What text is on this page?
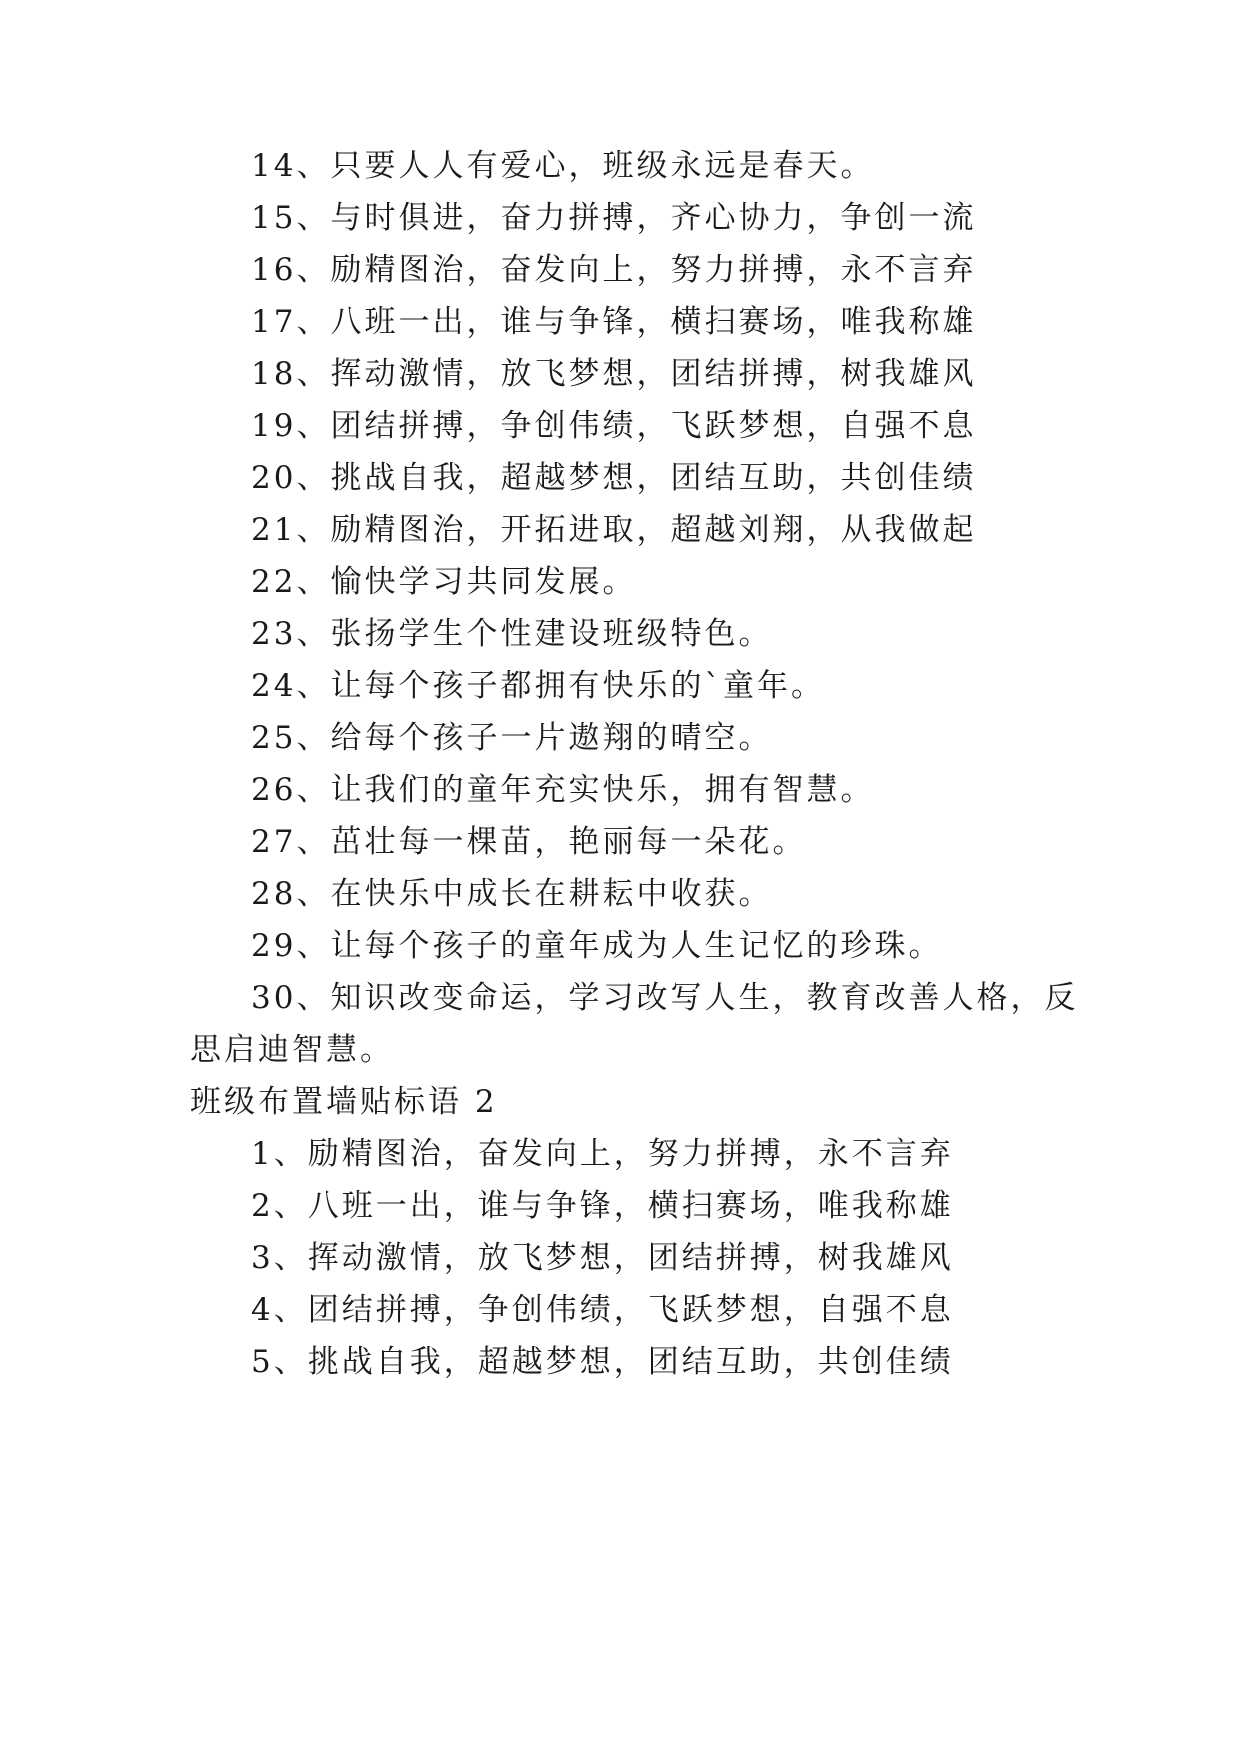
14、只要人人有爱心，班级永远是春天。
15、与时俱进，奋力拼搏，齐心协力，争创一流
16、励精图治，奋发向上，努力拼搏，永不言弃
17、八班一出，谁与争锋，横扫赛场，唯我称雄
18、挥动激情，放飞梦想，团结拼搏，树我雄风
19、团结拼搏，争创伟绩，飞跃梦想，自强不息
20、挑战自我，超越梦想，团结互助，共创佳绩
21、励精图治，开拓进取，超越刘翔，从我做起
22、愉快学习共同发展。
23、张扬学生个性建设班级特色。
24、让每个孩子都拥有快乐的`童年。
25、给每个孩子一片遨翔的晴空。
26、让我们的童年充实快乐，拥有智慧。
27、茁壮每一棵苗，艳丽每一朵花。
28、在快乐中成长在耕耘中收获。
29、让每个孩子的童年成为人生记忆的珍珠。
30、知识改变命运，学习改写人生，教育改善人格，反
思启迪智慧。
班级布置墙贴标语 2
1、励精图治，奋发向上，努力拼搏，永不言弃
2、八班一出，谁与争锋，横扫赛场，唯我称雄
3、挥动激情，放飞梦想，团结拼搏，树我雄风
4、团结拼搏，争创伟绩，飞跃梦想，自强不息
5、挑战自我，超越梦想，团结互助，共创佳绩
